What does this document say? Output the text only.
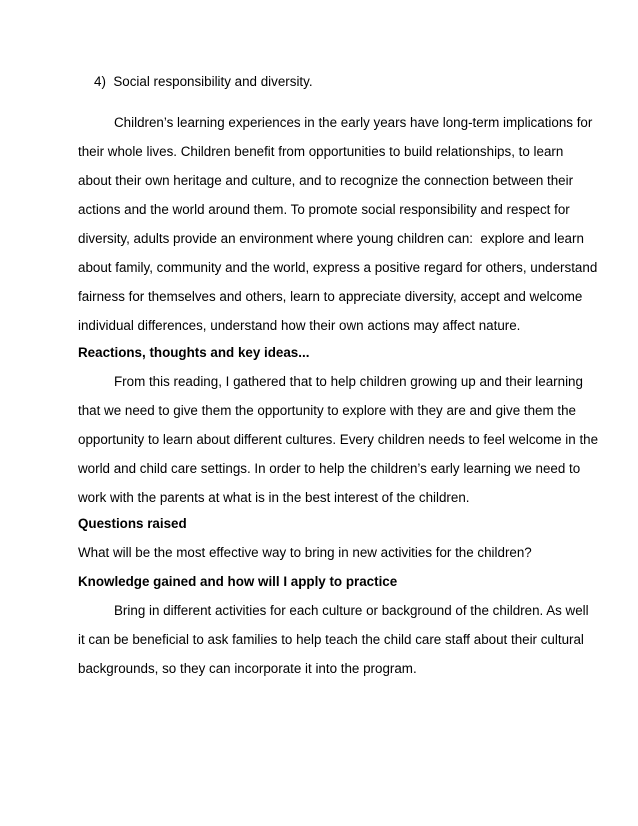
4)  Social responsibility and diversity.
Children’s learning experiences in the early years have long-term implications for
their whole lives. Children benefit from opportunities to build relationships, to learn
about their own heritage and culture, and to recognize the connection between their
actions and the world around them. To promote social responsibility and respect for
diversity, adults provide an environment where young children can:  explore and learn
about family, community and the world, express a positive regard for others, understand
fairness for themselves and others, learn to appreciate diversity, accept and welcome
individual differences, understand how their own actions may affect nature.
Reactions, thoughts and key ideas...
From this reading, I gathered that to help children growing up and their learning
that we need to give them the opportunity to explore with they are and give them the
opportunity to learn about different cultures. Every children needs to feel welcome in the
world and child care settings. In order to help the children’s early learning we need to
work with the parents at what is in the best interest of the children.
Questions raised
What will be the most effective way to bring in new activities for the children?
Knowledge gained and how will I apply to practice
Bring in different activities for each culture or background of the children. As well
it can be beneficial to ask families to help teach the child care staff about their cultural
backgrounds, so they can incorporate it into the program.
